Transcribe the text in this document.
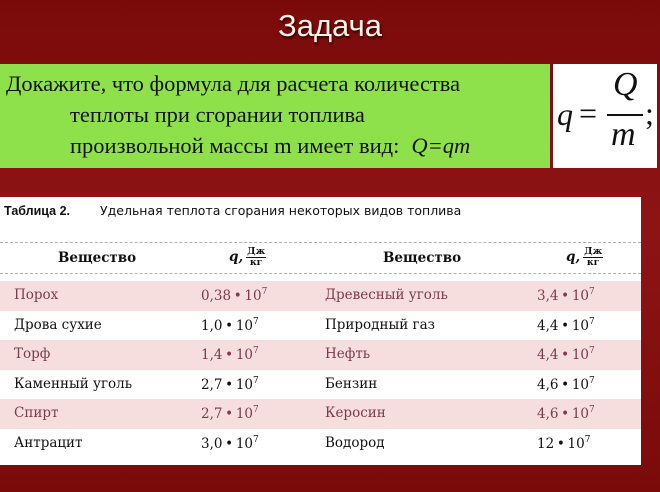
Задача
Докажите, что формула для расчета количества
теплоты при сгорании топлива
произвольной массы m имеет вид: Q=qm
q =
Q
m
;
Таблица 2. Удельная теплота сгорания некоторых видов топлива
Вещество	q, $\frac{Дж}{кг}$	Вещество	q, $\frac{Дж}{кг}$
Порох	0,38 • $10^7$	Древесный уголь	3,4 • $10^7$
Дрова сухие	1,0 • $10^7$	Природный газ	4,4 • $10^7$
Торф	1,4 • $10^7$	Нефть	4,4 • $10^7$
Каменный уголь	2,7 • $10^7$	Бензин	4,6 • $10^7$
Спирт	2,7 • $10^7$	Керосин	4,6 • $10^7$
Антрацит	3,0 • $10^7$	Водород	12 • $10^7$
